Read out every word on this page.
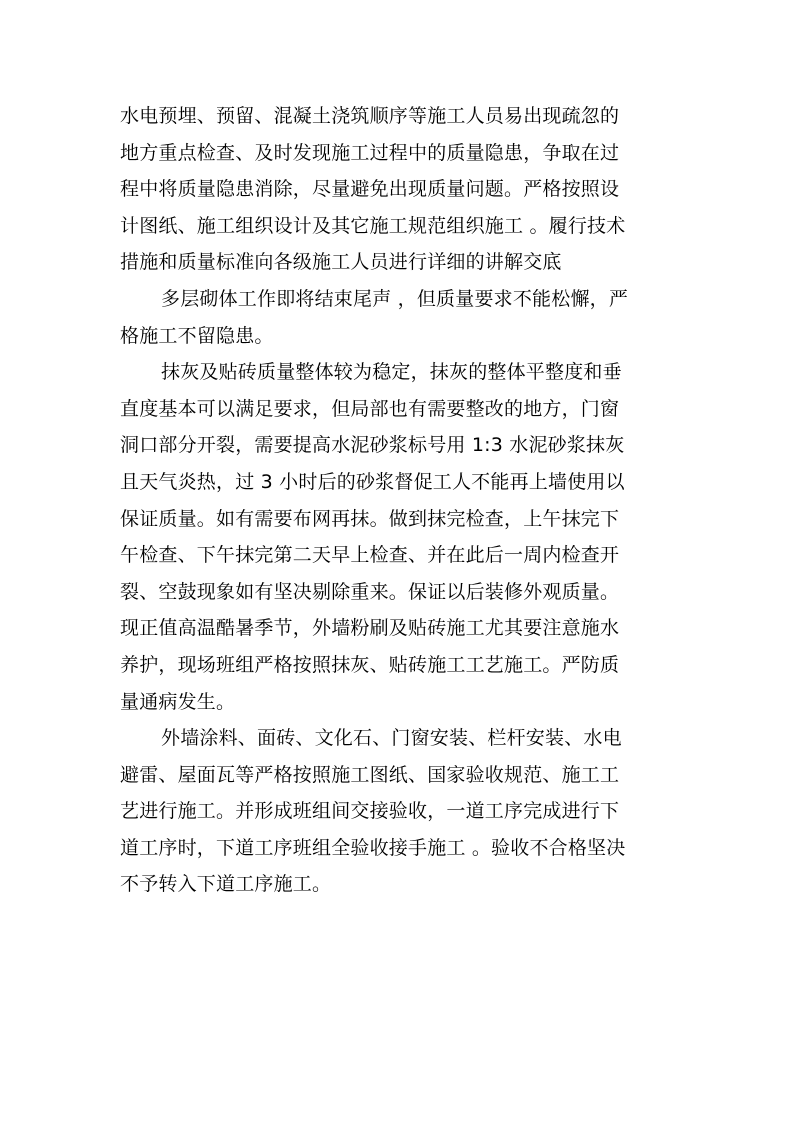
水电预埋、预留、混凝土浇筑顺序等施工人员易出现疏忽的
地方重点检查、及时发现施工过程中的质量隐患，争取在过
程中将质量隐患消除，尽量避免出现质量问题。严格按照设
计图纸、施工组织设计及其它施工规范组织施工 。履行技术
措施和质量标准向各级施工人员进行详细的讲解交底
多层砌体工作即将结束尾声 ，但质量要求不能松懈，严
格施工不留隐患。
抹灰及贴砖质量整体较为稳定，抹灰的整体平整度和垂
直度基本可以满足要求，但局部也有需要整改的地方，门窗
洞口部分开裂，需要提高水泥砂浆标号用 1:3 水泥砂浆抹灰
且天气炎热，过 3 小时后的砂浆督促工人不能再上墙使用以
保证质量。如有需要布网再抹。做到抹完检查，上午抹完下
午检查、下午抹完第二天早上检查、并在此后一周内检查开
裂、空鼓现象如有坚决剔除重来。保证以后装修外观质量。
现正值高温酷暑季节，外墙粉刷及贴砖施工尤其要注意施水
养护，现场班组严格按照抹灰、贴砖施工工艺施工。严防质
量通病发生。
外墙涂料、面砖、文化石、门窗安装、栏杆安装、水电
避雷、屋面瓦等严格按照施工图纸、国家验收规范、施工工
艺进行施工。并形成班组间交接验收，一道工序完成进行下
道工序时，下道工序班组全验收接手施工 。验收不合格坚决
不予转入下道工序施工。
